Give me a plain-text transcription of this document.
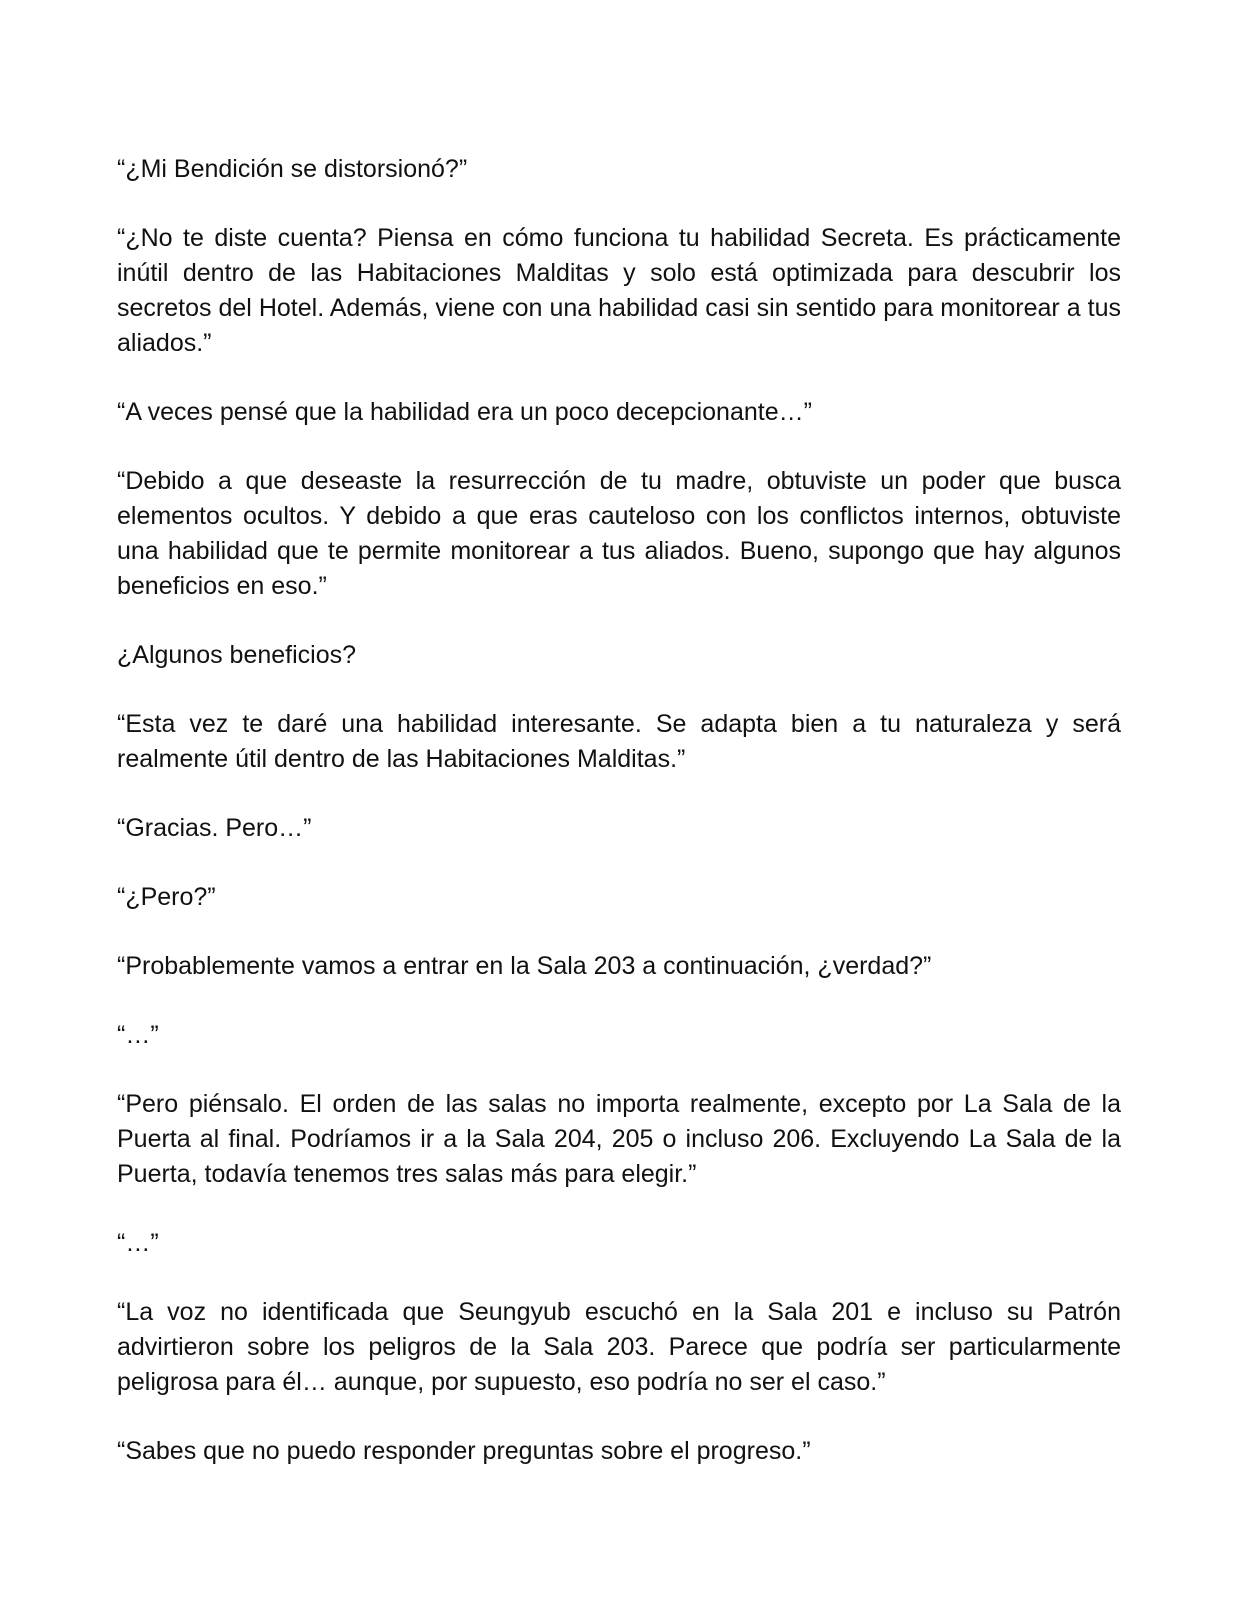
“¿Mi Bendición se distorsionó?”

“¿No te diste cuenta? Piensa en cómo funciona tu habilidad Secreta. Es prácticamente inútil dentro de las Habitaciones Malditas y solo está optimizada para descubrir los secretos del Hotel. Además, viene con una habilidad casi sin sentido para monitorear a tus aliados.”

“A veces pensé que la habilidad era un poco decepcionante…”

“Debido a que deseaste la resurrección de tu madre, obtuviste un poder que busca elementos ocultos. Y debido a que eras cauteloso con los conflictos internos, obtuviste una habilidad que te permite monitorear a tus aliados. Bueno, supongo que hay algunos beneficios en eso.”

¿Algunos beneficios?

“Esta vez te daré una habilidad interesante. Se adapta bien a tu naturaleza y será realmente útil dentro de las Habitaciones Malditas.”

“Gracias. Pero…”

“¿Pero?”

“Probablemente vamos a entrar en la Sala 203 a continuación, ¿verdad?”

“…”

“Pero piénsalo. El orden de las salas no importa realmente, excepto por La Sala de la Puerta al final. Podríamos ir a la Sala 204, 205 o incluso 206. Excluyendo La Sala de la Puerta, todavía tenemos tres salas más para elegir.”

“…”

“La voz no identificada que Seungyub escuchó en la Sala 201 e incluso su Patrón advirtieron sobre los peligros de la Sala 203. Parece que podría ser particularmente peligrosa para él… aunque, por supuesto, eso podría no ser el caso.”

“Sabes que no puedo responder preguntas sobre el progreso.”
